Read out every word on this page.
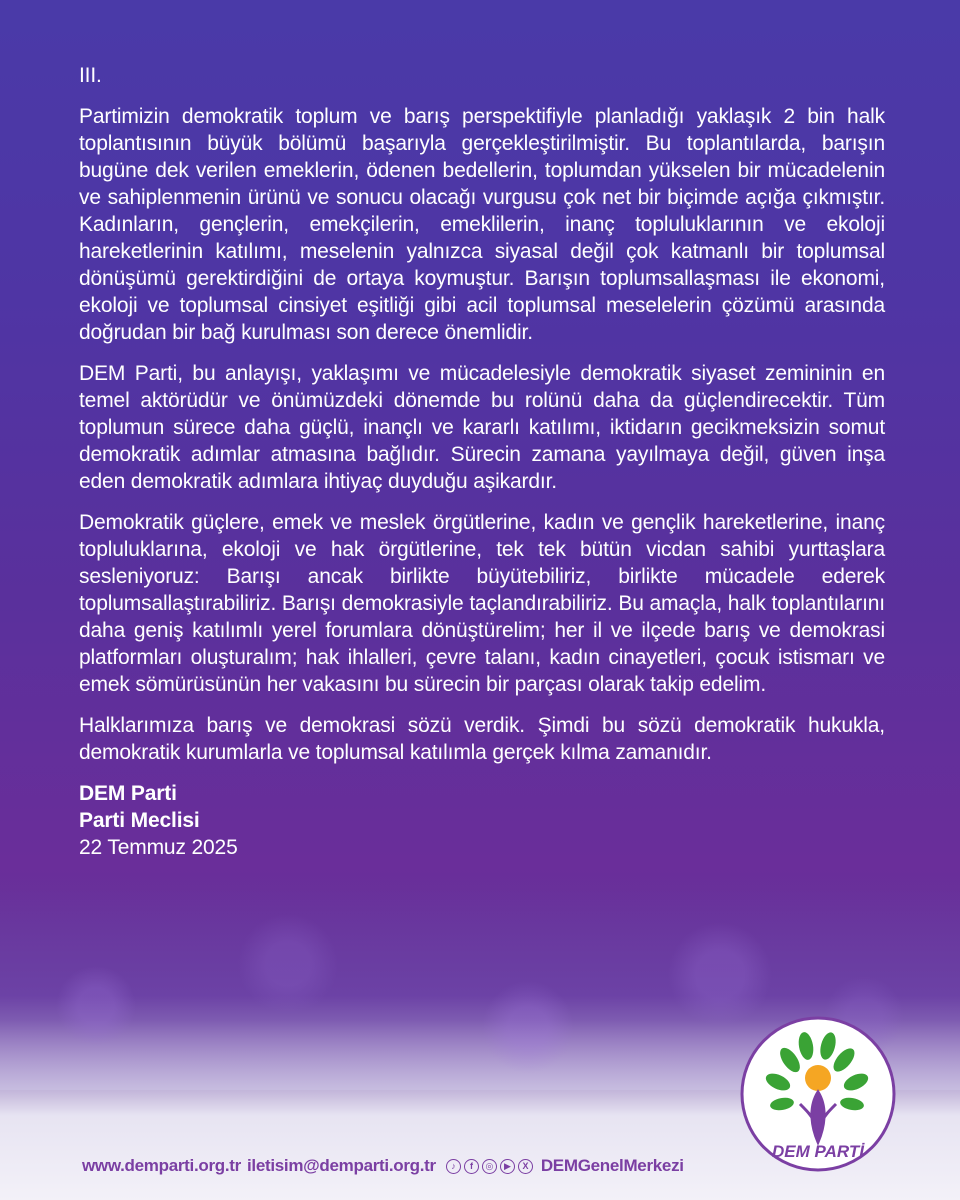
III.

Partimizin demokratik toplum ve barış perspektifiyle planladığı yaklaşık 2 bin halk toplantısının büyük bölümü başarıyla gerçekleştirilmiştir. Bu toplantılarda, barışın bugüne dek verilen emeklerin, ödenen bedellerin, toplumdan yükselen bir mücadelenin ve sahiplenmenin ürünü ve sonucu olacağı vurgusu çok net bir biçimde açığa çıkmıştır. Kadınların, gençlerin, emekçilerin, emeklilerin, inanç topluluklarının ve ekoloji hareketlerinin katılımı, meselenin yalnızca siyasal değil çok katmanlı bir toplumsal dönüşümü gerektirdiğini de ortaya koymuştur. Barışın toplumsallaşması ile ekonomi, ekoloji ve toplumsal cinsiyet eşitliği gibi acil toplumsal meselelerin çözümü arasında doğrudan bir bağ kurulması son derece önemlidir.

DEM Parti, bu anlayışı, yaklaşımı ve mücadelesiyle demokratik siyaset zemininin en temel aktörüdür ve önümüzdeki dönemde bu rolünü daha da güçlendirecektir. Tüm toplumun sürece daha güçlü, inançlı ve kararlı katılımı, iktidarın gecikmeksizin somut demokratik adımlar atmasına bağlıdır. Sürecin zamana yayılmaya değil, güven inşa eden demokratik adımlara ihtiyaç duyduğu aşikardır.

Demokratik güçlere, emek ve meslek örgütlerine, kadın ve gençlik hareketlerine, inanç topluluklarına, ekoloji ve hak örgütlerine, tek tek bütün vicdan sahibi yurttaşlara sesleniyoruz: Barışı ancak birlikte büyütebiliriz, birlikte mücadele ederek toplumsallaştırabiliriz. Barışı demokrasiyle taçlandırabiliriz. Bu amaçla, halk toplantılarını daha geniş katılımlı yerel forumlara dönüştürelim; her il ve ilçede barış ve demokrasi platformları oluşturalım; hak ihlalleri, çevre talanı, kadın cinayetleri, çocuk istismarı ve emek sömürüsünün her vakasını bu sürecin bir parçası olarak takip edelim.

Halklarımıza barış ve demokrasi sözü verdik. Şimdi bu sözü demokratik hukukla, demokratik kurumlarla ve toplumsal katılımla gerçek kılma zamanıdır.

DEM Parti
Parti Meclisi
22 Temmuz 2025
www.demparti.org.tr iletisim@demparti.org.tr	♪	f	◎	▶	X DEMGenelMerkezi
DEM PARTİ
